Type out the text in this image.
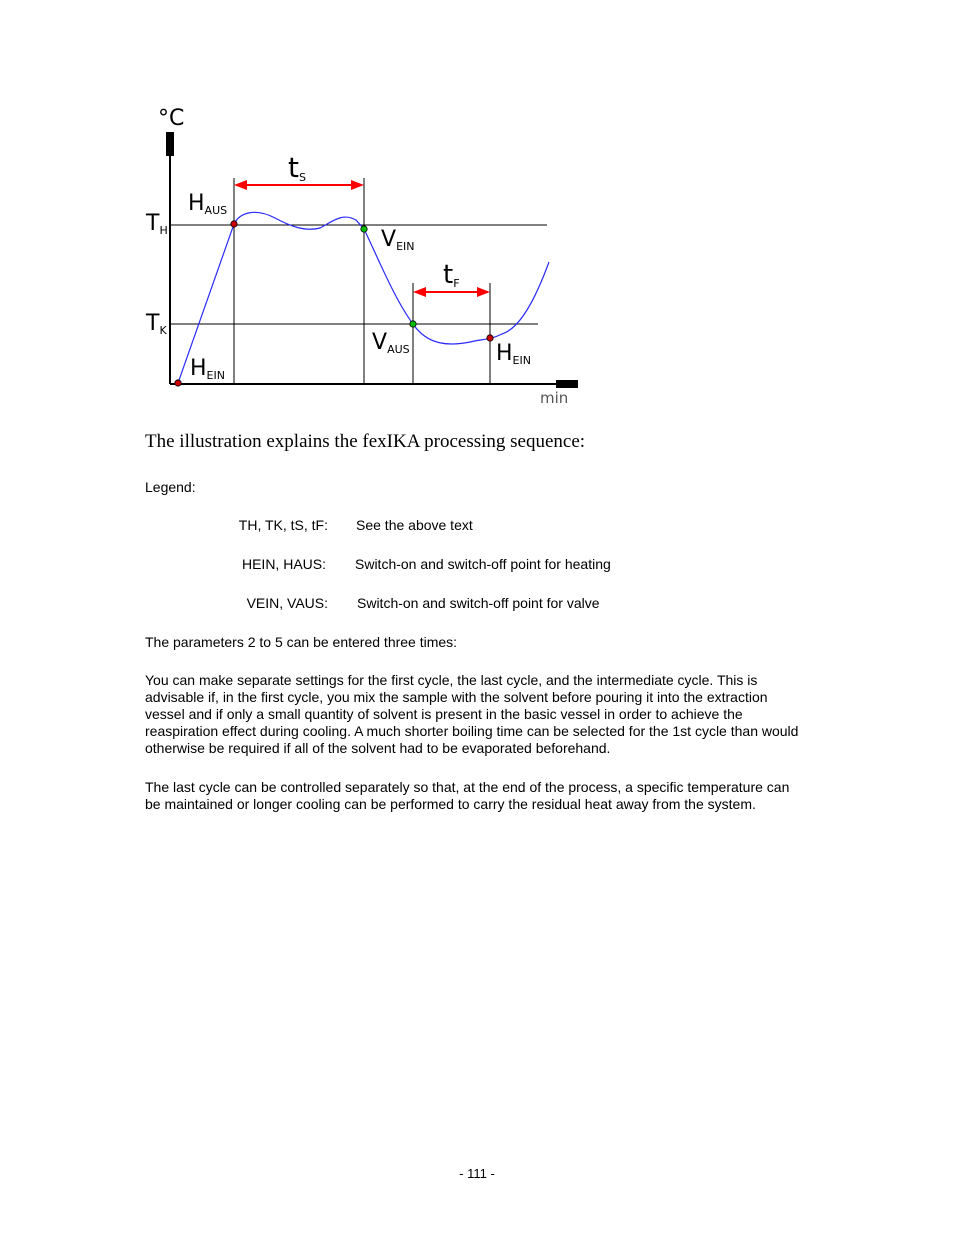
°C
min
tS
tF
TH
TK
HAUS
HEIN
VEIN
VAUS	HEIN
The illustration explains the fexIKA processing sequence:
Legend:
TH, TK, tS, tF: See the above text
HEIN, HAUS: Switch-on and switch-off point for heating
VEIN, VAUS: Switch-on and switch-off point for valve
The parameters 2 to 5 can be entered three times:
You can make separate settings for the first cycle, the last cycle, and the intermediate cycle. This is advisable if, in the first cycle, you mix the sample with the solvent before pouring it into the extraction vessel and if only a small quantity of solvent is present in the basic vessel in order to achieve the reaspiration effect during cooling. A much shorter boiling time can be selected for the 1st cycle than would otherwise be required if all of the solvent had to be evaporated beforehand.
The last cycle can be controlled separately so that, at the end of the process, a specific temperature can be maintained or longer cooling can be performed to carry the residual heat away from the system.
- 111 -
